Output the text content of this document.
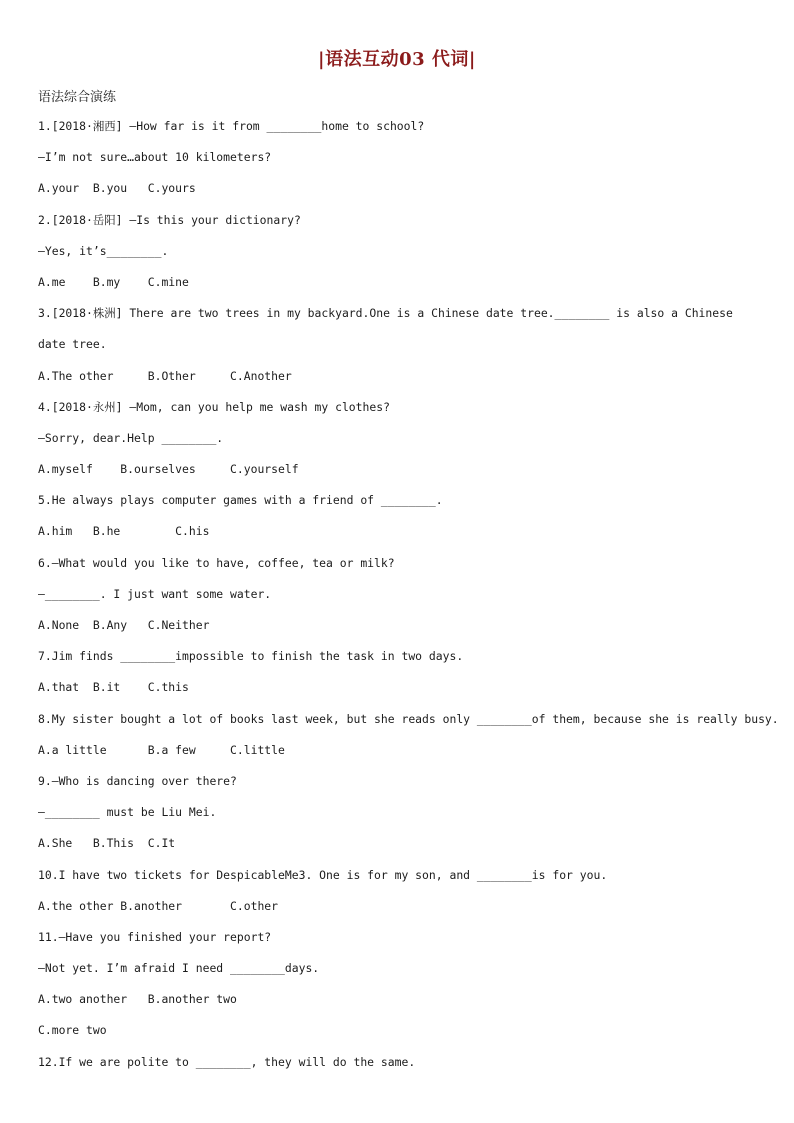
|语法互动03 代词|
语法综合演练
1.[2018·湘西] —How far is it from ________home to school?
—I’m not sure…about 10 kilometers?
A.your  B.you   C.yours
2.[2018·岳阳] —Is this your dictionary?
—Yes, it’s________.
A.me    B.my    C.mine
3.[2018·株洲] There are two trees in my backyard.One is a Chinese date tree.________ is also a Chinese
date tree.
A.The other     B.Other     C.Another
4.[2018·永州] —Mom, can you help me wash my clothes?
—Sorry, dear.Help ________.
A.myself    B.ourselves     C.yourself
5.He always plays computer games with a friend of ________.
A.him   B.he        C.his
6.—What would you like to have, coffee, tea or milk?
—________. I just want some water.
A.None  B.Any   C.Neither
7.Jim finds ________impossible to finish the task in two days.
A.that  B.it    C.this
8.My sister bought a lot of books last week, but she reads only ________of them, because she is really busy.
A.a little      B.a few     C.little
9.—Who is dancing over there?
—________ must be Liu Mei.
A.She   B.This  C.It
10.I have two tickets for DespicableMe3. One is for my son, and ________is for you.
A.the other B.another       C.other
11.—Have you finished your report?
—Not yet. I’m afraid I need ________days.
A.two another   B.another two
C.more two
12.If we are polite to ________, they will do the same.
